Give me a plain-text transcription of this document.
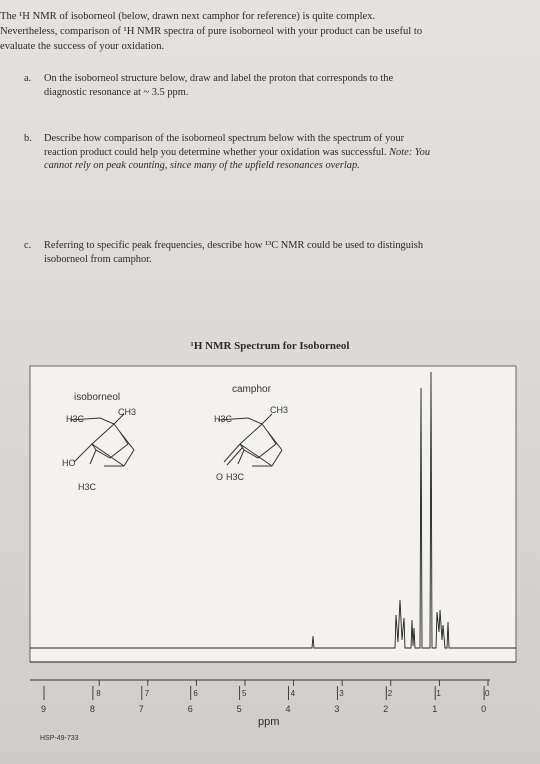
The ¹H NMR of isoborneol (below, drawn next camphor for reference) is quite complex.
Nevertheless, comparison of ¹H NMR spectra of pure isoborneol with your product can be useful to
evaluate the success of your oxidation.
a. On the isoborneol structure below, draw and label the proton that corresponds to the
diagnostic resonance at ~ 3.5 ppm.
b. Describe how comparison of the isoborneol spectrum below with the spectrum of your
reaction product could help you determine whether your oxidation was successful. Note: You
cannot rely on peak counting, since many of the upfield resonances overlap.
c. Referring to specific peak frequencies, describe how ¹³C NMR could be used to distinguish
isoborneol from camphor.
¹H NMR Spectrum for Isoborneol
isoborneol
CH3
H3C
HO
H3C
camphor
CH3
H3C
O H3C
0
1
2
3
4
5
6
7
8
9	8	7	6	5	4	3	2	1	0
ppm
HSP-49-733
